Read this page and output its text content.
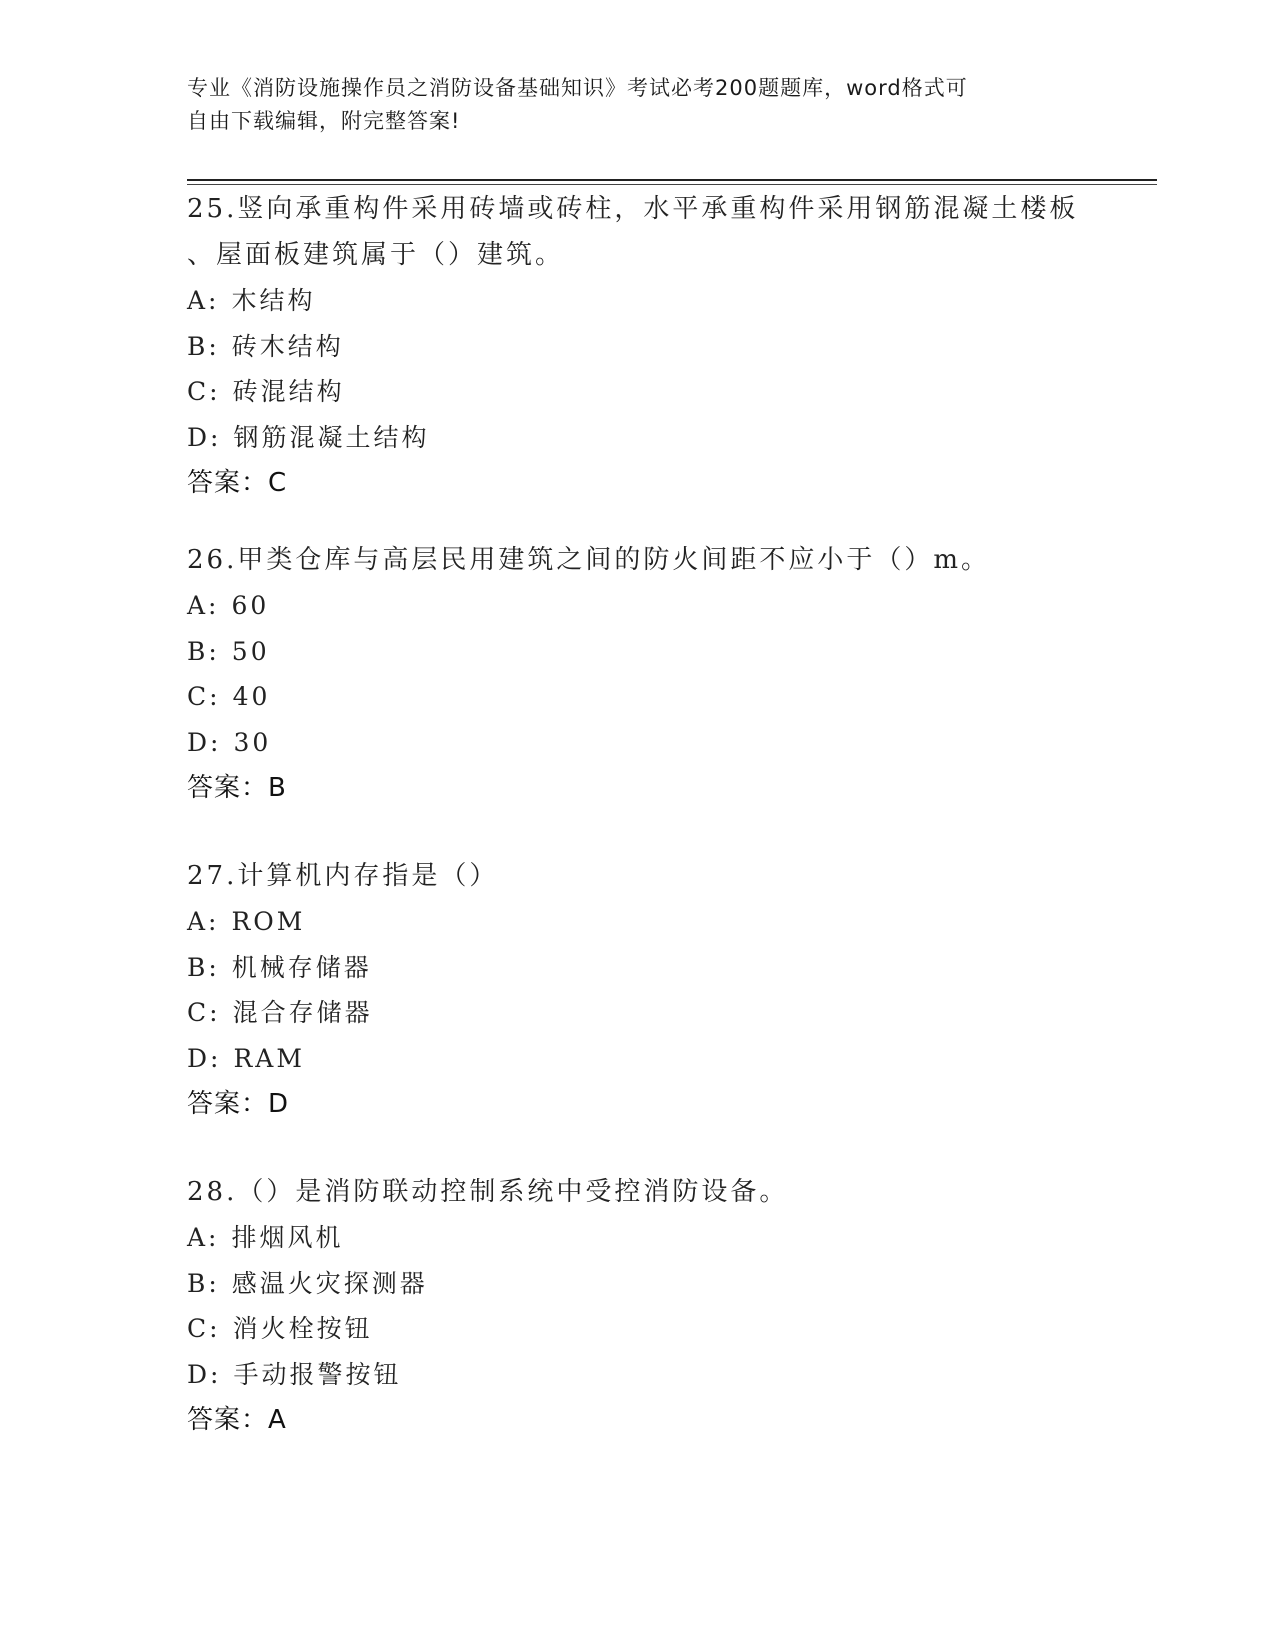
专业《消防设施操作员之消防设备基础知识》考试必考200题题库，word格式可
自由下载编辑，附完整答案!
25.竖向承重构件采用砖墙或砖柱，水平承重构件采用钢筋混凝土楼板
、屋面板建筑属于（）建筑。
A: 木结构
B: 砖木结构
C: 砖混结构
D: 钢筋混凝土结构
答案：C
26.甲类仓库与高层民用建筑之间的防火间距不应小于（）m。
A: 60
B: 50
C: 40
D: 30
答案：B
27.计算机内存指是（）
A: ROM
B: 机械存储器
C: 混合存储器
D: RAM
答案：D
28.（）是消防联动控制系统中受控消防设备。
A: 排烟风机
B: 感温火灾探测器
C: 消火栓按钮
D: 手动报警按钮
答案：A
